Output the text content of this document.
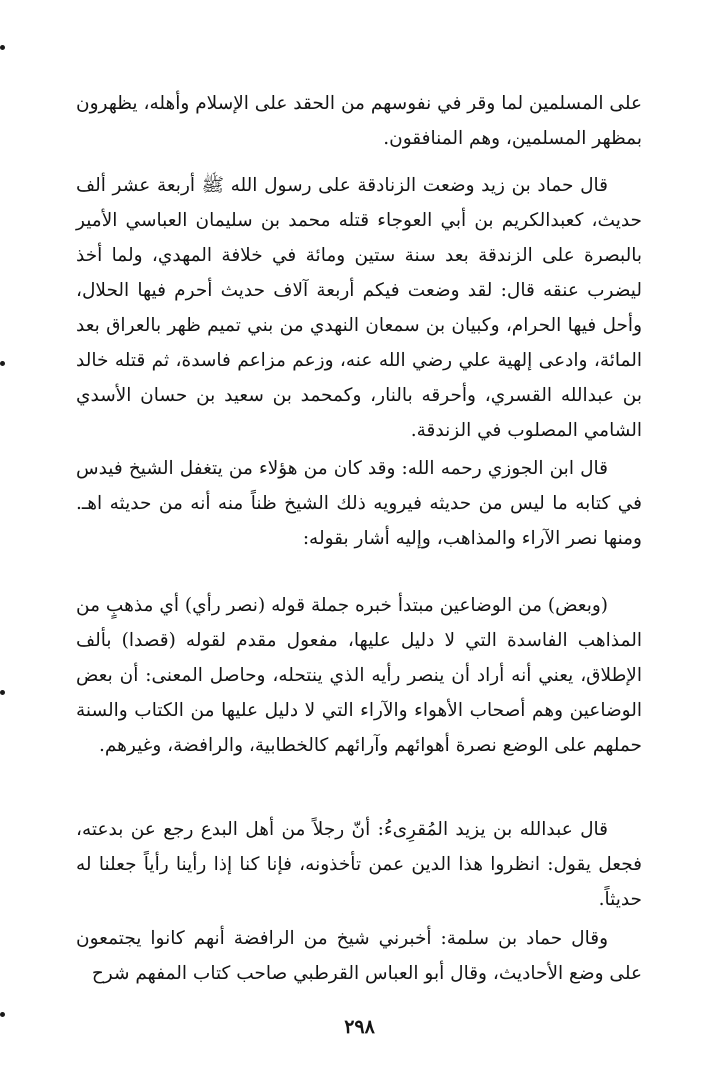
على المسلمين لما وقر في نفوسهم من الحقد على الإسلام وأهله، يظهرون بمظهر المسلمين، وهم المنافقون.

قال حماد بن زيد وضعت الزنادقة على رسول الله ﷺ أربعة عشر ألف حديث، كعبدالكريم بن أبي العوجاء قتله محمد بن سليمان العباسي الأمير بالبصرة على الزندقة بعد سنة ستين ومائة في خلافة المهدي، ولما أخذ ليضرب عنقه قال: لقد وضعت فيكم أربعة آلاف حديث أحرم فيها الحلال، وأحل فيها الحرام، وكبيان بن سمعان النهدي من بني تميم ظهر بالعراق بعد المائة، وادعى إلهية علي رضي الله عنه، وزعم مزاعم فاسدة، ثم قتله خالد بن عبدالله القسري، وأحرقه بالنار، وكمحمد بن سعيد بن حسان الأسدي الشامي المصلوب في الزندقة.

قال ابن الجوزي رحمه الله: وقد كان من هؤلاء من يتغفل الشيخ فيدس في كتابه ما ليس من حديثه فيرويه ذلك الشيخ ظناً منه أنه من حديثه اهـ. ومنها نصر الآراء والمذاهب، وإليه أشار بقوله:

(وبعض) من الوضاعين مبتدأ خبره جملة قوله (نصر رأي) أي مذهبٍ من المذاهب الفاسدة التي لا دليل عليها، مفعول مقدم لقوله (قصدا) بألف الإطلاق، يعني أنه أراد أن ينصر رأيه الذي ينتحله، وحاصل المعنى: أن بعض الوضاعين وهم أصحاب الأهواء والآراء التي لا دليل عليها من الكتاب والسنة حملهم على الوضع نصرة أهوائهم وآرائهم كالخطابية، والرافضة، وغيرهم.

قال عبدالله بن يزيد المُقرِىءُ: أنّ رجلاً من أهل البدع رجع عن بدعته، فجعل يقول: انظروا هذا الدين عمن تأخذونه، فإنا كنا إذا رأينا رأياً جعلنا له حديثاً.

وقال حماد بن سلمة: أخبرني شيخ من الرافضة أنهم كانوا يجتمعون على وضع الأحاديث، وقال أبو العباس القرطبي صاحب كتاب المفهم شرح

٢٩٨
